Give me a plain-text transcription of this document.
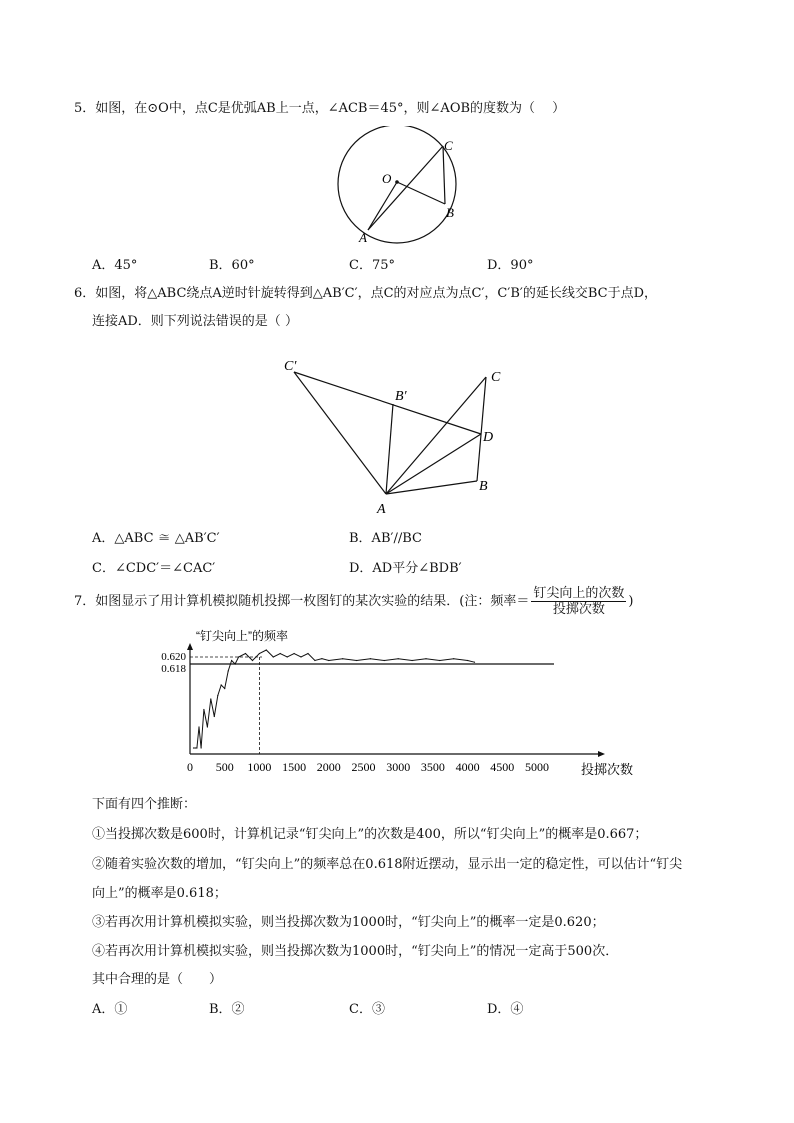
5．如图，在⊙O中，点C是优弧AB上一点，∠ACB＝45°，则∠AOB的度数为（　 ）
O
C
B
A
A．45°	B．60°	C．75°	D．90°
6．如图，将△ABC绕点A逆时针旋转得到△AB′C′，点C的对应点为点C′，C′B′的延长线交BC于点D，
连接AD．则下列说法错误的是（ ）
C′
B′
C
D
B
A
A．△ABC ≅ △AB′C′	B．AB′//BC
C．∠CDC′＝∠CAC′	D．AD平分∠BDB′
7．如图显示了用计算机模拟随机投掷一枚图钉的某次实验的结果．(注：频率＝ $\frac{\text{钉尖向上的次数}}{\text{投掷次数}}$ )
“钉尖向上”的频率
0.620
0.618
0 500 1000 1500 2000 2500 3000 3500 4000 4500 5000 投掷次数
下面有四个推断：
①当投掷次数是600时，计算机记录“钉尖向上”的次数是400，所以“钉尖向上”的概率是0.667；
②随着实验次数的增加，“钉尖向上”的频率总在0.618附近摆动，显示出一定的稳定性，可以估计“钉尖
向上”的概率是0.618；
③若再次用计算机模拟实验，则当投掷次数为1000时，“钉尖向上”的概率一定是0.620；
④若再次用计算机模拟实验，则当投掷次数为1000时，“钉尖向上”的情况一定高于500次．
其中合理的是（　　）
A．①	B．②	C．③	D．④
